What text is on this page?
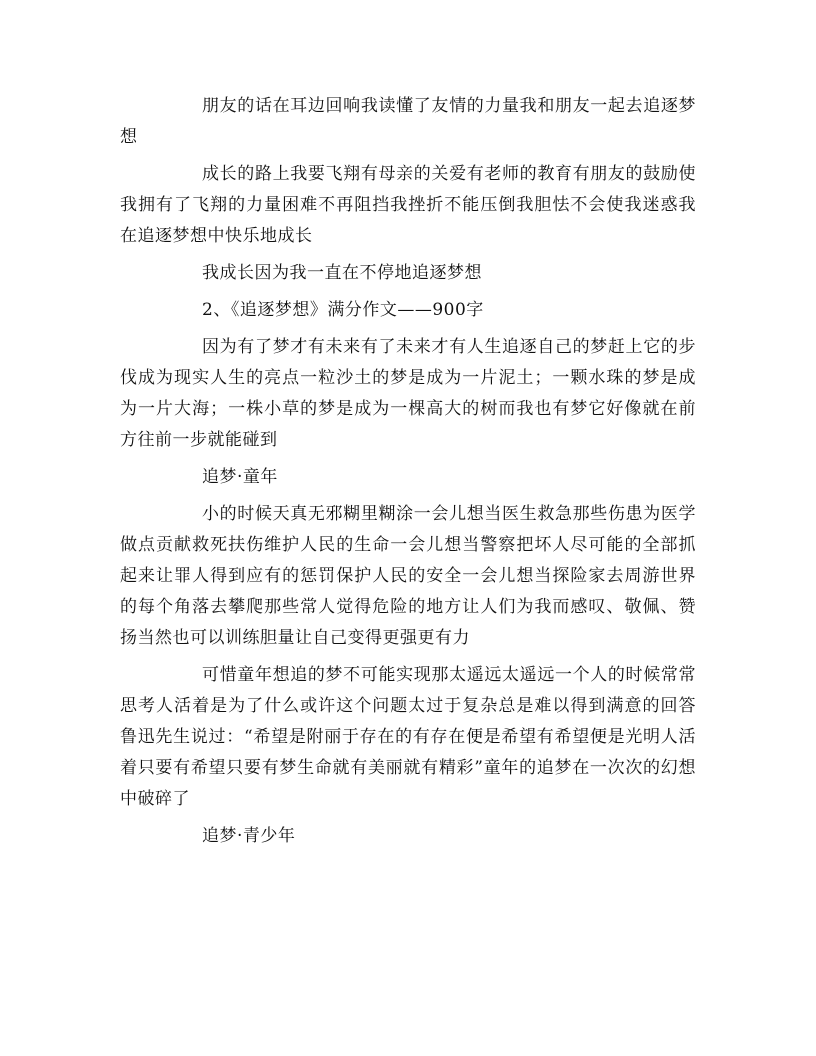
朋友的话在耳边回响我读懂了友情的力量我和朋友一起去追逐梦想

成长的路上我要飞翔有母亲的关爱有老师的教育有朋友的鼓励使我拥有了飞翔的力量困难不再阻挡我挫折不能压倒我胆怯不会使我迷惑我在追逐梦想中快乐地成长

我成长因为我一直在不停地追逐梦想

2、《追逐梦想》满分作文——900字

因为有了梦才有未来有了未来才有人生追逐自己的梦赶上它的步伐成为现实人生的亮点一粒沙土的梦是成为一片泥土；一颗水珠的梦是成为一片大海；一株小草的梦是成为一棵高大的树而我也有梦它好像就在前方往前一步就能碰到

追梦·童年

小的时候天真无邪糊里糊涂一会儿想当医生救急那些伤患为医学做点贡献救死扶伤维护人民的生命一会儿想当警察把坏人尽可能的全部抓起来让罪人得到应有的惩罚保护人民的安全一会儿想当探险家去周游世界的每个角落去攀爬那些常人觉得危险的地方让人们为我而感叹、敬佩、赞扬当然也可以训练胆量让自己变得更强更有力

可惜童年想追的梦不可能实现那太遥远太遥远一个人的时候常常思考人活着是为了什么或许这个问题太过于复杂总是难以得到满意的回答鲁迅先生说过：“希望是附丽于存在的有存在便是希望有希望便是光明人活着只要有希望只要有梦生命就有美丽就有精彩”童年的追梦在一次次的幻想中破碎了

追梦·青少年
